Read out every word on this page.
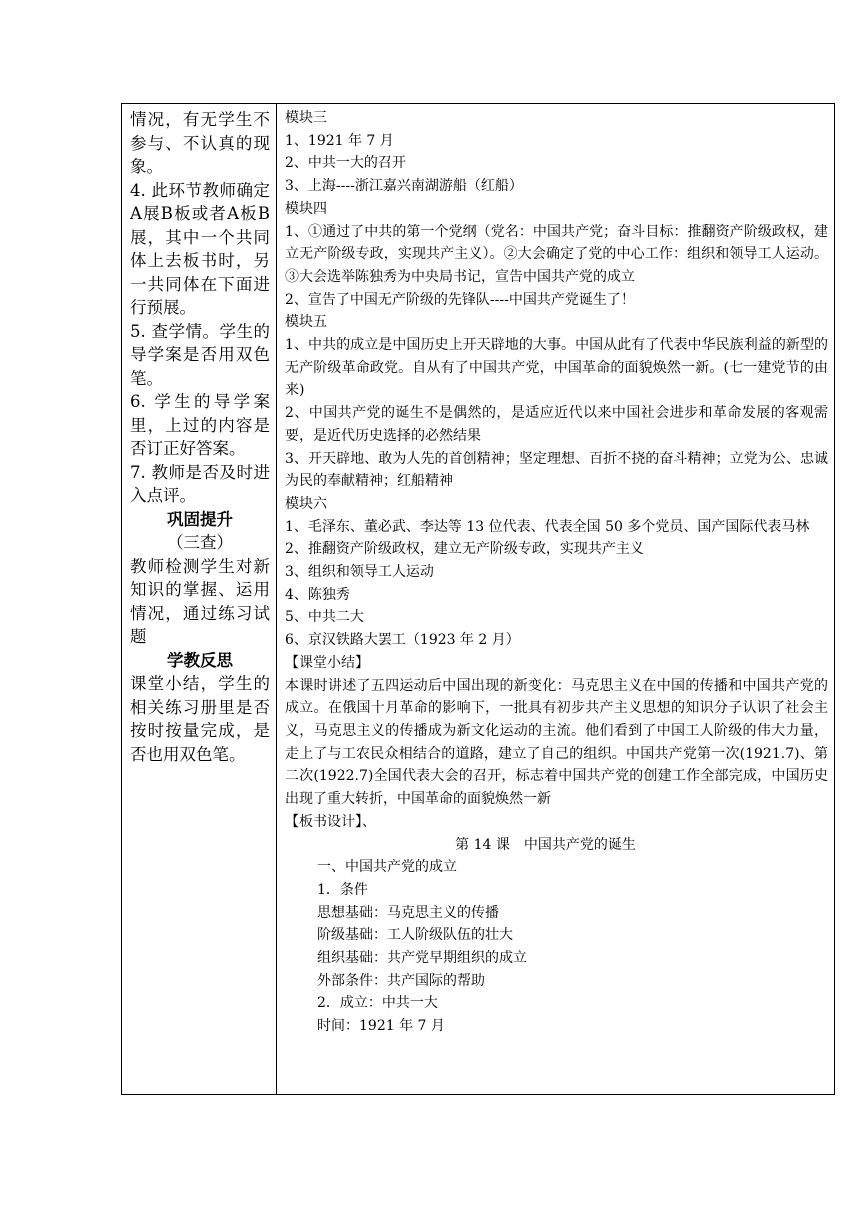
情况，有无学生不参与、不认真的现象。

4. 此环节教师确定A展B板或者A板B展，其中一个共同体上去板书时，另一共同体在下面进行预展。

5. 查学情。学生的导学案是否用双色笔。

6. 学生的导学案里，上过的内容是否订正好答案。

7. 教师是否及时进入点评。

巩固提升

（三查）

教师检测学生对新知识的掌握、运用情况，通过练习试题

学教反思

课堂小结，学生的相关练习册里是否按时按量完成，是否也用双色笔。

模块三

1、1921 年 7 月

2、中共一大的召开

3、上海----浙江嘉兴南湖游船（红船）

模块四

1、①通过了中共的第一个党纲（党名：中国共产党；奋斗目标：推翻资产阶级政权，建立无产阶级专政，实现共产主义）。②大会确定了党的中心工作：组织和领导工人运动。③大会选举陈独秀为中央局书记，宣告中国共产党的成立

2、宣告了中国无产阶级的先锋队----中国共产党诞生了！

模块五

1、中共的成立是中国历史上开天辟地的大事。中国从此有了代表中华民族利益的新型的无产阶级革命政党。自从有了中国共产党，中国革命的面貌焕然一新。(七一建党节的由来)

2、中国共产党的诞生不是偶然的，是适应近代以来中国社会进步和革命发展的客观需要，是近代历史选择的必然结果

3、开天辟地、敢为人先的首创精神；坚定理想、百折不挠的奋斗精神；立党为公、忠诚为民的奉献精神；红船精神

模块六

1、毛泽东、董必武、李达等 13 位代表、代表全国 50 多个党员、国产国际代表马林

2、推翻资产阶级政权，建立无产阶级专政，实现共产主义

3、组织和领导工人运动

4、陈独秀

5、中共二大

6、京汉铁路大罢工（1923 年 2 月）

【课堂小结】

本课时讲述了五四运动后中国出现的新变化：马克思主义在中国的传播和中国共产党的成立。在俄国十月革命的影响下，一批具有初步共产主义思想的知识分子认识了社会主义，马克思主义的传播成为新文化运动的主流。他们看到了中国工人阶级的伟大力量，走上了与工农民众相结合的道路，建立了自己的组织。中国共产党第一次(1921.7)、第二次(1922.7)全国代表大会的召开，标志着中国共产党的创建工作全部完成，中国历史出现了重大转折，中国革命的面貌焕然一新

【板书设计】、

第 14 课　中国共产党的诞生

一、中国共产党的成立

1．条件

思想基础：马克思主义的传播

阶级基础：工人阶级队伍的壮大

组织基础：共产党早期组织的成立

外部条件：共产国际的帮助

2．成立：中共一大

时间：1921 年 7 月
